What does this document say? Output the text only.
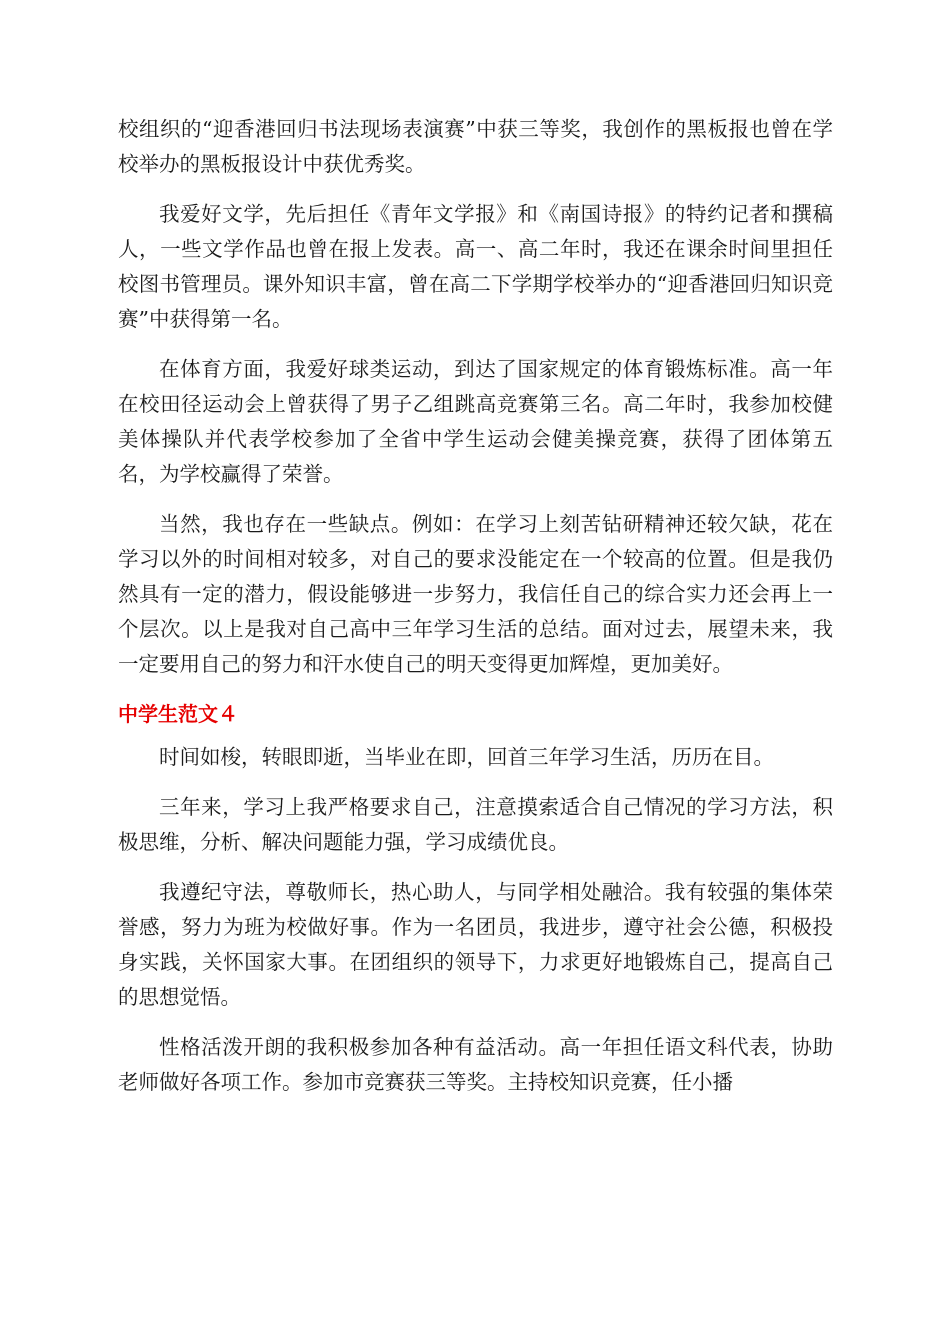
校组织的“迎香港回归书法现场表演赛”中获三等奖，我创作的黑板报也曾在学校举办的黑板报设计中获优秀奖。

我爱好文学，先后担任《青年文学报》和《南国诗报》的特约记者和撰稿人，一些文学作品也曾在报上发表。高一、高二年时，我还在课余时间里担任校图书管理员。课外知识丰富，曾在高二下学期学校举办的“迎香港回归知识竞赛”中获得第一名。

在体育方面，我爱好球类运动，到达了国家规定的体育锻炼标准。高一年在校田径运动会上曾获得了男子乙组跳高竞赛第三名。高二年时，我参加校健美体操队并代表学校参加了全省中学生运动会健美操竞赛，获得了团体第五名，为学校赢得了荣誉。

当然，我也存在一些缺点。例如：在学习上刻苦钻研精神还较欠缺，花在学习以外的时间相对较多，对自己的要求没能定在一个较高的位置。但是我仍然具有一定的潜力，假设能够进一步努力，我信任自己的综合实力还会再上一个层次。以上是我对自己高中三年学习生活的总结。面对过去，展望未来，我一定要用自己的努力和汗水使自己的明天变得更加辉煌，更加美好。

中学生范文４

时间如梭，转眼即逝，当毕业在即，回首三年学习生活，历历在目。

三年来，学习上我严格要求自己，注意摸索适合自己情况的学习方法，积极思维，分析、解决问题能力强，学习成绩优良。

我遵纪守法，尊敬师长，热心助人，与同学相处融洽。我有较强的集体荣誉感，努力为班为校做好事。作为一名团员，我进步，遵守社会公德，积极投身实践，关怀国家大事。在团组织的领导下，力求更好地锻炼自己，提高自己的思想觉悟。

性格活泼开朗的我积极参加各种有益活动。高一年担任语文科代表，协助老师做好各项工作。参加市竞赛获三等奖。主持校知识竞赛，任小播
